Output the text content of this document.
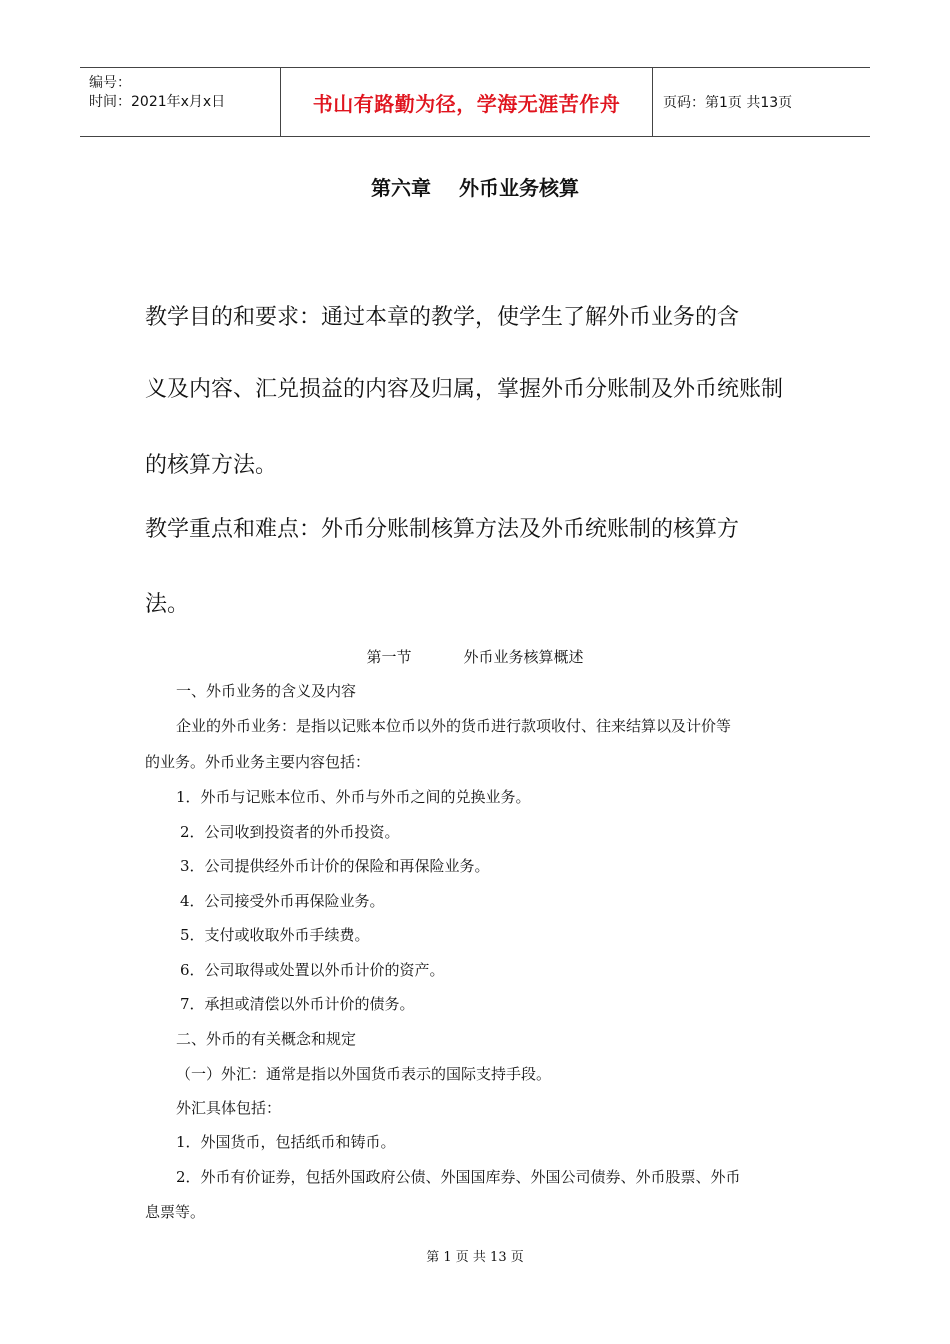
编号：
时间：2021年x月x日	书山有路勤为径，学海无涯苦作舟	页码：第1页 共13页
第六章 外币业务核算
教学目的和要求：通过本章的教学，使学生了解外币业务的含
义及内容、汇兑损益的内容及归属，掌握外币分账制及外币统账制
的核算方法。
教学重点和难点：外币分账制核算方法及外币统账制的核算方
法。
第一节	外币业务核算概述
一、外币业务的含义及内容
企业的外币业务：是指以记账本位币以外的货币进行款项收付、往来结算以及计价等
的业务。外币业务主要内容包括：
1．外币与记账本位币、外币与外币之间的兑换业务。
2．公司收到投资者的外币投资。
3．公司提供经外币计价的保险和再保险业务。
4．公司接受外币再保险业务。
5．支付或收取外币手续费。
6．公司取得或处置以外币计价的资产。
7．承担或清偿以外币计价的债务。
二、外币的有关概念和规定
（一）外汇：通常是指以外国货币表示的国际支持手段。
外汇具体包括：
1．外国货币，包括纸币和铸币。
2．外币有价证券，包括外国政府公债、外国国库券、外国公司债券、外币股票、外币
息票等。
第 1 页 共 13 页
